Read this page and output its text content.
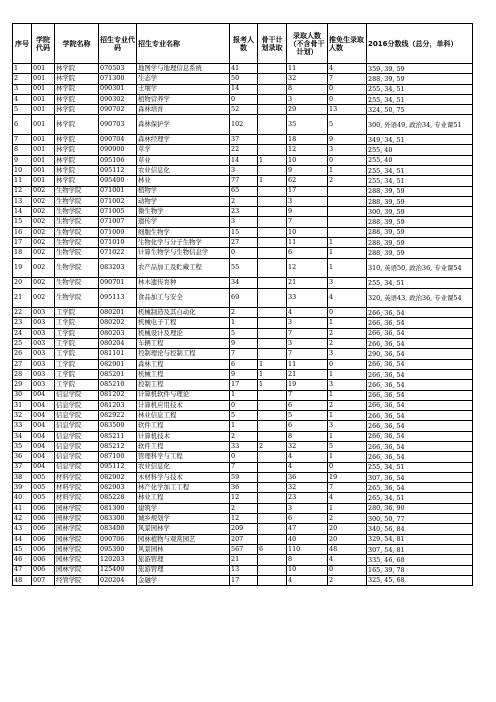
序号	学院代码	学院名称	招生专业代码	招生专业名称	报考人数	骨干计划录取	录取人数（不含骨干计划）	推免生录取人数	2016分数线（总分，单科）
1	001	林学院	070503	地图学与地理信息系统	41		11	4	359, 39, 59
2	001	林学院	071300	生态学	50		32	7	288, 39, 59
3	001	林学院	090301	土壤学	14		8	0	255, 34, 51
4	001	林学院	090302	植物营养学	0		3	0	255, 34, 51
5	001	林学院	090702	森林培育	52		29	13	324, 50, 75
6	001	林学院	090703	森林保护学	102		35	5	300, 外语49, 政治34, 专业课51
7	001	林学院	090704	森林经理学	37		18	9	349, 34, 51
8	001	林学院	090900	草学	22		12	3	255, 40
9	001	林学院	095106	草业	14	1	10	0	255, 40
10	001	林学院	095112	农业信息化	3		9	1	255, 34, 51
11	001	林学院	095400	林业	77	1	62	2	255, 34, 51
12	002	生物学院	071001	植物学	65		17		288, 39, 59
13	002	生物学院	071002	动物学	2		3		288, 39, 59
14	002	生物学院	071005	微生物学	23		9		300, 39, 59
15	002	生物学院	071007	遗传学	3		7		288, 39, 59
16	002	生物学院	071009	细胞生物学	15		10		288, 39, 59
17	002	生物学院	071010	生物化学与分子生物学	27		11	1	288, 39, 59
18	002	生物学院	071022	计算生物学与生物信息学	0		6	1	288, 39, 59
19	002	生物学院	083203	农产品加工及贮藏工程	55		12	1	310, 英语50, 政治36, 专业课54
20	002	生物学院	090701	林木遗传育种	34		21	3	255, 34, 51
21	002	生物学院	095113	食品加工与安全	69		33	4	320, 英语43, 政治36, 专业课54
22	003	工学院	080201	机械制造及其自动化	2		4	0	266, 36, 54
23	003	工学院	080202	机械电子工程	1		3	1	266, 36, 54
24	003	工学院	080203	机械设计及理论	5		7	2	266, 36, 54
25	003	工学院	080204	车辆工程	9		3	2	266, 36, 54
26	003	工学院	081101	控制理论与控制工程	7		7	3	290, 36, 54
27	003	工学院	082901	森林工程	6	1	11	0	266, 36, 54
28	003	工学院	085201	机械工程	9	1	21	1	266, 36, 54
29	003	工学院	085210	控制工程	17	1	19	3	266, 36, 54
30	004	信息学院	081202	计算机软件与理论	1		7	1	266, 36, 54
31	004	信息学院	081203	计算机应用技术	0		6	2	266, 36, 54
32	004	信息学院	082922	林业信息工程	5		5	1	266, 36, 54
33	004	信息学院	083500	软件工程	1		6	3	266, 36, 54
34	004	信息学院	085211	计算机技术	2		8	1	266, 36, 54
35	004	信息学院	085212	软件工程	33	2	32	5	266, 36, 54
36	004	信息学院	087100	管理科学与工程	0		4	1	266, 36, 54
37	004	信息学院	095112	农业信息化	7		4	0	255, 34, 51
38	005	材料学院	082902	木材科学与技术	59		36	19	307, 36, 54
39	005	材料学院	082903	林产化学加工工程	36		32	7	265, 36, 54
40	005	材料学院	085228	林业工程	12		23	4	265, 34, 51
41	006	园林学院	081300	建筑学	2		3	1	280, 36, 90
42	006	园林学院	083300	城乡规划学	12		6	2	300, 50, 77
43	006	园林学院	083400	风景园林学	209		47	20	340, 56, 84
44	006	园林学院	090706	园林植物与观赏园艺	207		40	20	329, 54, 81
45	006	园林学院	095300	风景园林	567	6	110	48	307, 54, 81
46	006	园林学院	120203	旅游管理	21		8	4	335, 46, 68
47	006	园林学院	125400	旅游管理	13		10	0	165, 39, 78
48	007	经管学院	020204	金融学	17		4	2	325, 45, 68
